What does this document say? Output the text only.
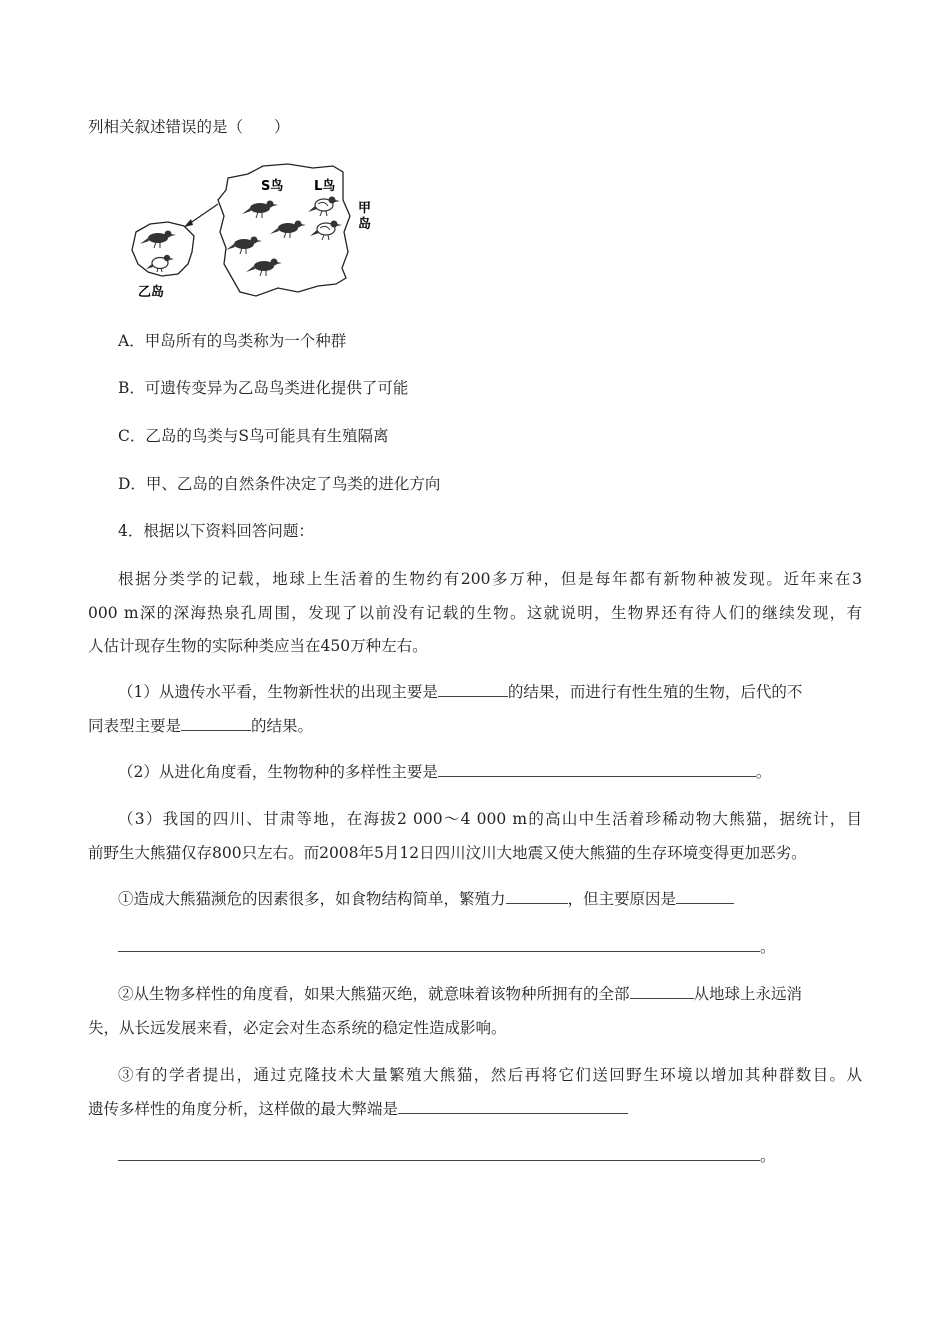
列相关叙述错误的是（　　）
S鸟 L鸟
甲
岛
乙岛
A．甲岛所有的鸟类称为一个种群
B．可遗传变异为乙岛鸟类进化提供了可能
C．乙岛的鸟类与S鸟可能具有生殖隔离
D．甲、乙岛的自然条件决定了鸟类的进化方向
4．根据以下资料回答问题：
根据分类学的记载，地球上生活着的生物约有200多万种，但是每年都有新物种被发现。近年来在3
000 m深的深海热泉孔周围，发现了以前没有记载的生物。这就说明，生物界还有待人们的继续发现，有
人估计现存生物的实际种类应当在450万种左右。
（1）从遗传水平看，生物新性状的出现主要是	的结果，而进行有性生殖的生物，后代的不
同表型主要是	的结果。
（2）从进化角度看，生物物种的多样性主要是	。
（3）我国的四川、甘肃等地，在海拔2 000～4 000 m的高山中生活着珍稀动物大熊猫，据统计，目
前野生大熊猫仅存800只左右。而2008年5月12日四川汶川大地震又使大熊猫的生存环境变得更加恶劣。
①造成大熊猫濒危的因素很多，如食物结构简单，繁殖力	，但主要原因是
。
②从生物多样性的角度看，如果大熊猫灭绝，就意味着该物种所拥有的全部	从地球上永远消
失，从长远发展来看，必定会对生态系统的稳定性造成影响。
③有的学者提出，通过克隆技术大量繁殖大熊猫，然后再将它们送回野生环境以增加其种群数目。从
遗传多样性的角度分析，这样做的最大弊端是
。
